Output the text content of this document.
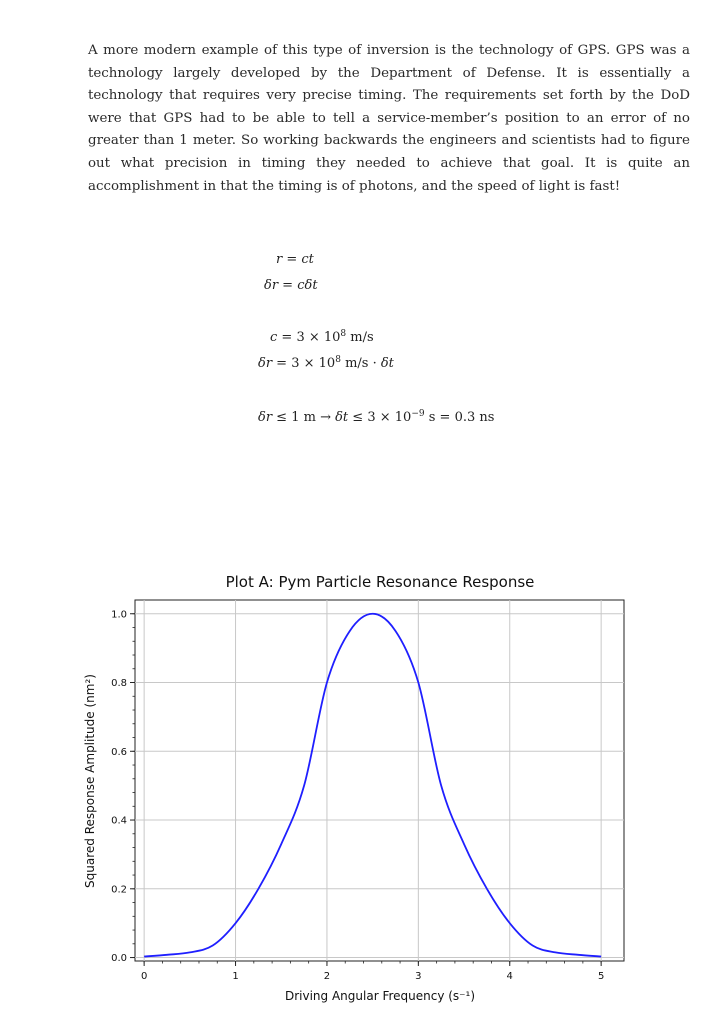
A more modern example of this type of inversion is the technology of GPS. GPS was a technology largely developed by the Department of Defense. It is essentially a technology that requires very precise timing. The requirements set forth by the DoD were that GPS had to be able to tell a service-member’s position to an error of no greater than 1 meter. So working backwards the engineers and scientists had to figure out what precision in timing they needed to achieve that goal. It is quite an accomplishment in that the timing is of photons, and the speed of light is fast!

r = ct
δr = cδt
$c = 3 \times 10^8$ m/s
$\delta r = 3 \times 10^8$ m/s · δt
δr ≤ 1 $m \to \delta t \le 3 \times 10^{-9}$ s = 0.3 ns
Plot A: Pym Particle Resonance Response
0	1	2	3	4	5
0.0
0.2
0.4
0.6
0.8
1.0
Driving Angular Frequency (s⁻¹)
Squared Response Amplitude (nm²)
